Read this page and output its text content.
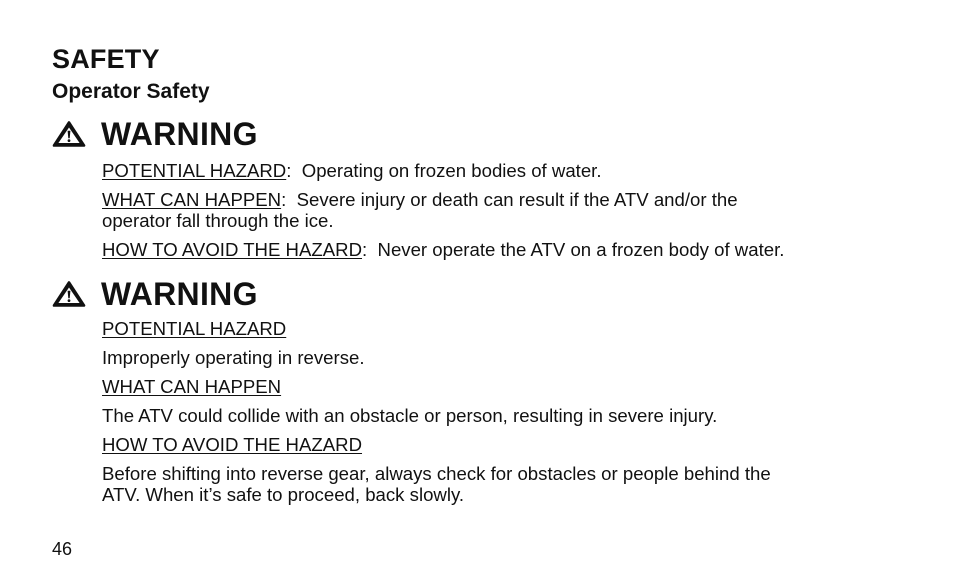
SAFETY
Operator Safety
WARNING

POTENTIAL HAZARD:  Operating on frozen bodies of water.

WHAT CAN HAPPEN:  Severe injury or death can result if the ATV and/or the

operator fall through the ice.

HOW TO AVOID THE HAZARD:  Never operate the ATV on a frozen body of water.

WARNING

POTENTIAL HAZARD

Improperly operating in reverse.

WHAT CAN HAPPEN

The ATV could collide with an obstacle or person, resulting in severe injury.

HOW TO AVOID THE HAZARD

Before shifting into reverse gear, always check for obstacles or people behind the

ATV. When it’s safe to proceed, back slowly.

46
